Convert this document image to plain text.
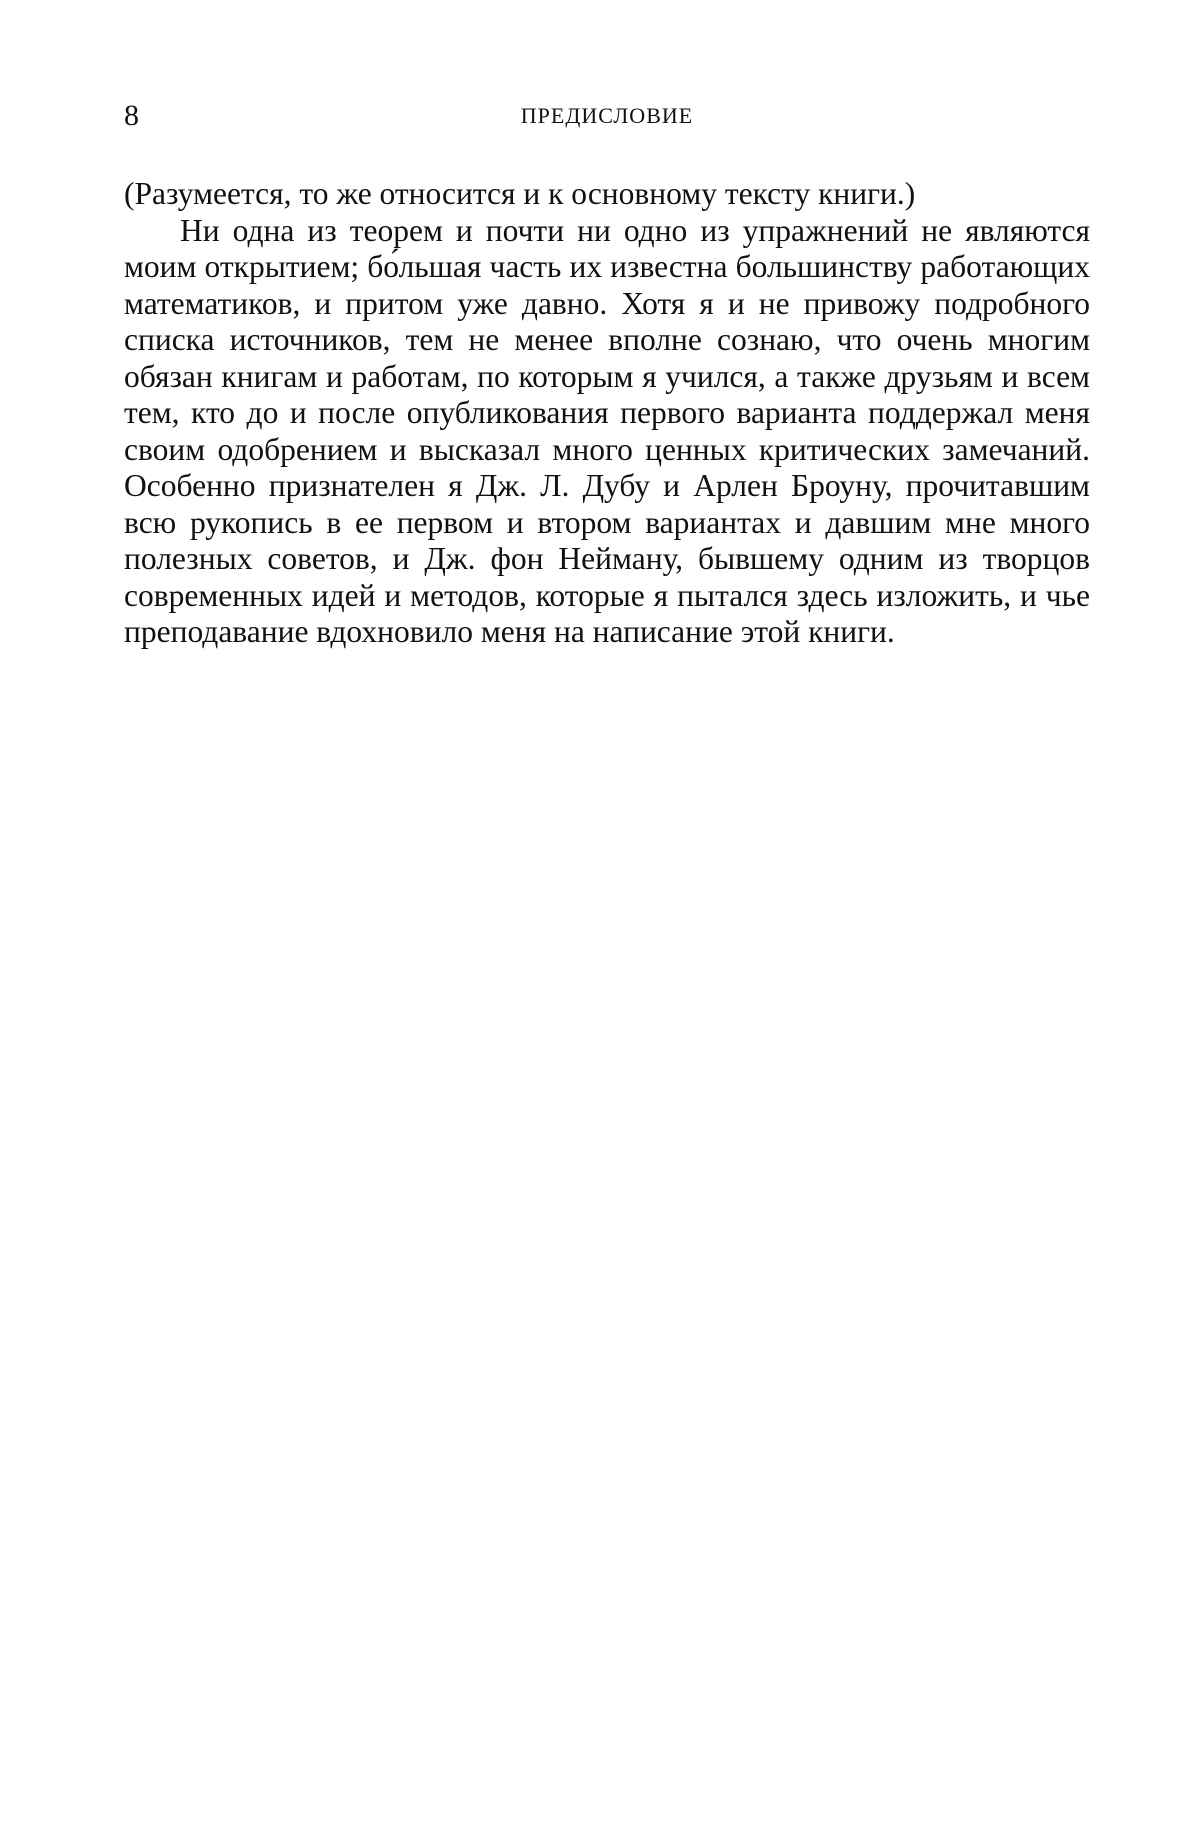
8	ПРЕДИСЛОВИЕ

(Разумеется, то же относится и к основному тексту книги.)

Ни одна из теорем и почти ни одно из упражнений не являются моим открытием; бо́льшая часть их известна большинству работающих математиков, и притом уже давно. Хотя я и не привожу подробного списка источников, тем не менее вполне сознаю, что очень многим обязан книгам и работам, по которым я учился, а также друзьям и всем тем, кто до и после опубликования первого варианта поддержал меня своим одобрением и высказал много ценных критических замечаний. Особенно признателен я Дж. Л. Дубу и Арлен Броуну, прочитавшим всю рукопись в ее первом и втором вариантах и давшим мне много полезных советов, и Дж. фон Нейману, бывшему одним из творцов современных идей и методов, которые я пытался здесь изложить, и чье преподавание вдохновило меня на написание этой книги.
